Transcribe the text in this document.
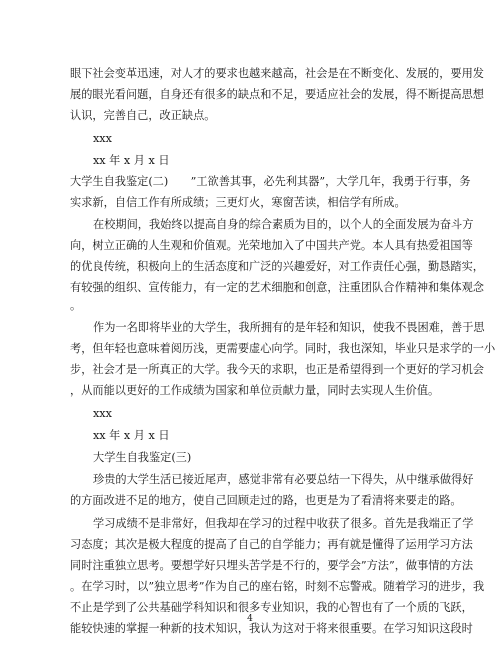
眼下社会变革迅速，对人才的要求也越来越高，社会是在不断变化、发展的，要用发
展的眼光看问题，自身还有很多的缺点和不足，要适应社会的发展，得不断提高思想
认识，完善自己，改正缺点。
xxx
xx 年 x 月 x 日
大学生自我鉴定(二)　　”工欲善其事，必先利其器”，大学几年，我勇于行事，务
实求新，自信工作有所成绩；三更灯火，寒窗苦读，相信学有所成。
在校期间，我始终以提高自身的综合素质为目的，以个人的全面发展为奋斗方
向，树立正确的人生观和价值观。光荣地加入了中国共产党。本人具有热爱祖国等
的优良传统，积极向上的生活态度和广泛的兴趣爱好，对工作责任心强，勤恳踏实，
有较强的组织、宣传能力，有一定的艺术细胞和创意，注重团队合作精神和集体观念
。
作为一名即将毕业的大学生，我所拥有的是年轻和知识，使我不畏困难，善于思
考，但年轻也意味着阅历浅，更需要虚心向学。同时，我也深知，毕业只是求学的一小
步，社会才是一所真正的大学。我今天的求职，也正是希望得到一个更好的学习机会
，从而能以更好的工作成绩为国家和单位贡献力量，同时去实现人生价值。
xxx
xx 年 x 月 x 日
大学生自我鉴定(三)
珍贵的大学生活已接近尾声，感觉非常有必要总结一下得失，从中继承做得好
的方面改进不足的地方，使自己回顾走过的路，也更是为了看清将来要走的路。
学习成绩不是非常好，但我却在学习的过程中收获了很多。首先是我端正了学
习态度；其次是极大程度的提高了自己的自学能力；再有就是懂得了运用学习方法
同时注重独立思考。要想学好只埋头苦学是不行的，要学会”方法”，做事情的方法
。在学习时，以”独立思考”作为自己的座右铭，时刻不忘警戒。随着学习的进步，我
不止是学到了公共基础学科知识和很多专业知识，我的心智也有了一个质的飞跃，
能较快速的掌握一种新的技术知识，我认为这对于将来很重要。在学习知识这段时
4
